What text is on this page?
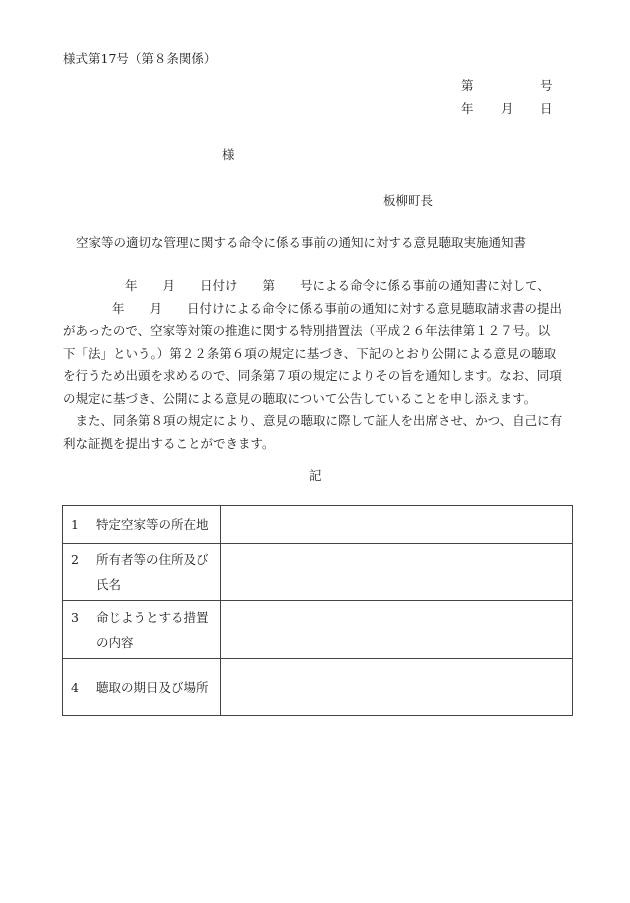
様式第17号（第８条関係）
第	号
年 月 日
様
板柳町長
空家等の適切な管理に関する命令に係る事前の通知に対する意見聴取実施通知書
　　年　　月　　日付け　　第　　号による命令に係る事前の通知書に対して、
　　年　　月　　日付けによる命令に係る事前の通知に対する意見聴取請求書の提出
があったので、空家等対策の推進に関する特別措置法（平成２６年法律第１２７号。以
下「法」という。）第２２条第６項の規定に基づき、下記のとおり公開による意見の聴取
を行うため出頭を求めるので、同条第７項の規定によりその旨を通知します。なお、同項
の規定に基づき、公開による意見の聴取について公告していることを申し添えます。
　また、同条第８項の規定により、意見の聴取に際して証人を出席させ、かつ、自己に有
利な証拠を提出することができます。
記
1 特定空家等の所在地	

2 所有者等の住所及び氏名	

3 命じようとする措置の内容	

4 聴取の期日及び場所	
